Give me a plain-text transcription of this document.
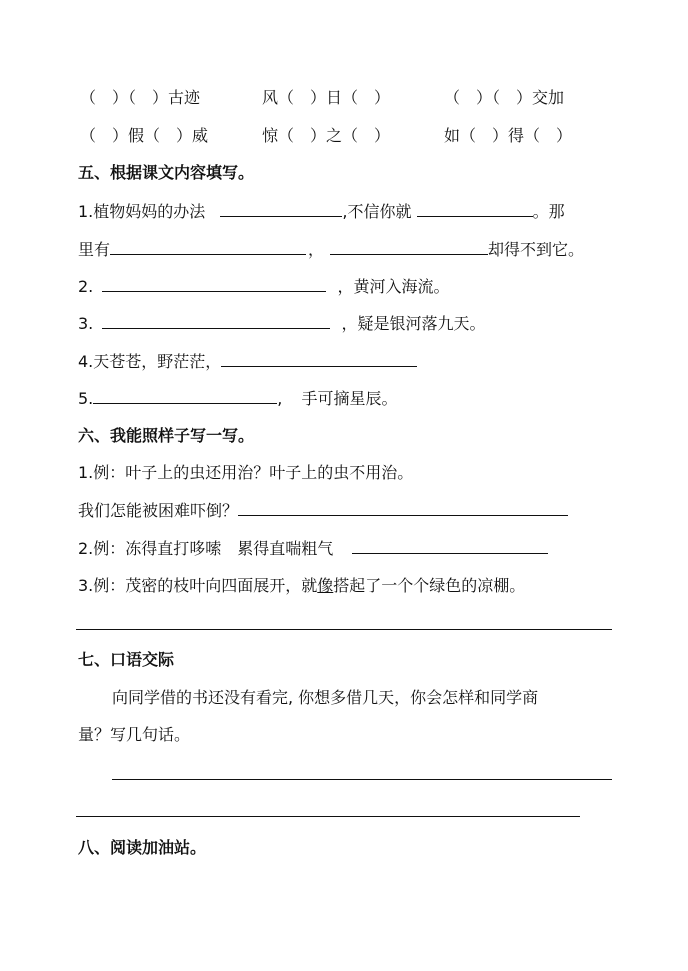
（　）（　）古迹	风（　）日（　）	（　）（　）交加
（　）假（　）威	惊（　）之（　）	如（　）得（　）
五、根据课文内容填写。
1.植物妈妈的办法	,不信你就	。那
里有	，	却得不到它。
2.	，黄河入海流。
3.	，疑是银河落九天。
4.天苍苍，野茫茫，
5.	, 手可摘星辰。
六、我能照样子写一写。
1.例：叶子上的虫还用治？叶子上的虫不用治。
我们怎能被困难吓倒？
2.例：冻得直打哆嗦　累得直喘粗气
3.例：茂密的枝叶向四面展开，就像搭起了一个个绿色的凉棚。
七、口语交际
向同学借的书还没有看完, 你想多借几天，你会怎样和同学商
量？写几句话。
八、阅读加油站。
